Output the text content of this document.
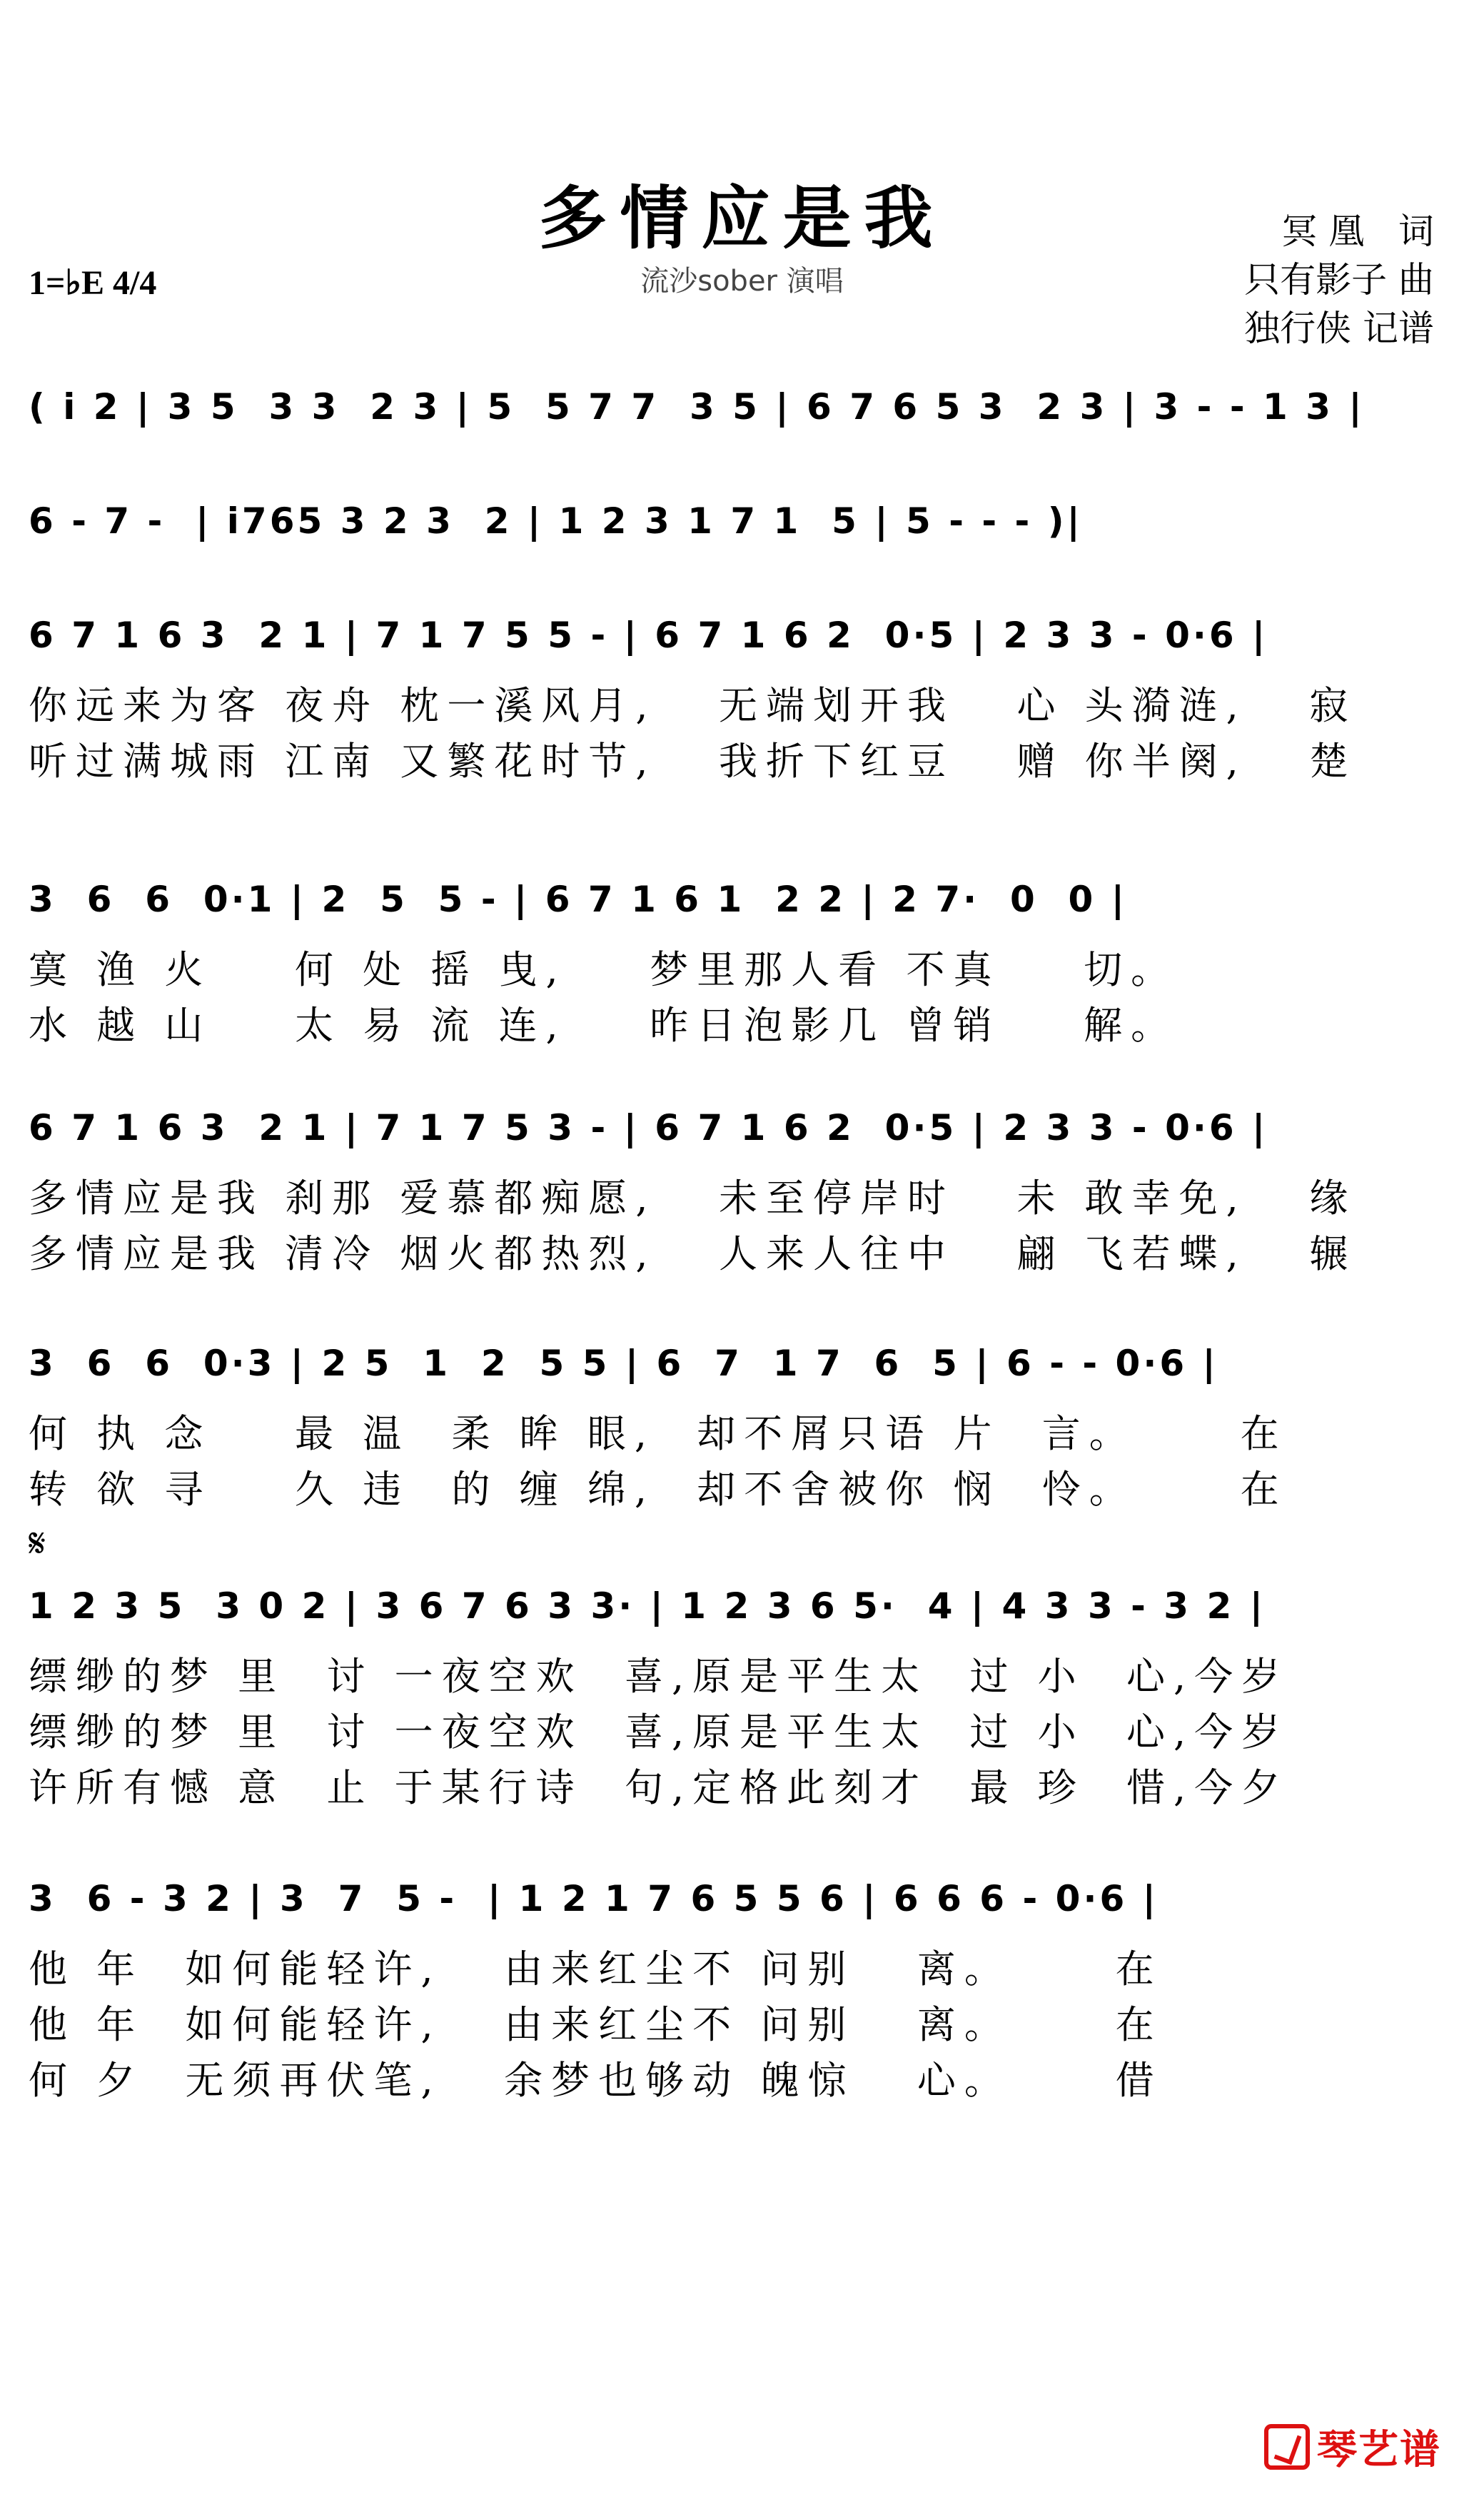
多情应是我
流沙sober 演唱
1=♭E 4/4
冥 凰   词
只有影子 曲
独行侠 记谱
( i 2 | 3 5  3 3  2 3 | 5  5 7 7  3 5 | 6 7 6 5 3  2 3 | 3 - - 1 3 |
6 - 7 -  | i765 3 2 3  2 | 1 2 3 1 7 1  5 | 5 - - - )|
6 7 1 6 3  2 1 | 7 1 7 5 5 - | 6 7 1 6 2  0·5 | 2 3 3 - 0·6 |
你远来为客 夜舟 枕一溪风月,   无端划开我   心 头漪涟,   寂
听过满城雨 江南 又繁花时节,   我折下红豆   赠 你半阕,   楚
3  6  6  0·1 | 2  5  5 - | 6 7 1 6 1  2 2 | 2 7·  0  0 |
寞 渔 火    何 处 摇 曳,    梦里那人看 不真    切。
水 越 山    太 易 流 连,    昨日泡影几 曾销    解。
6 7 1 6 3  2 1 | 7 1 7 5 3 - | 6 7 1 6 2  0·5 | 2 3 3 - 0·6 |
多情应是我 刹那 爱慕都痴愿,   未至停岸时   未 敢幸免,   缘
多情应是我 清冷 烟火都热烈,   人来人往中   翩 飞若蝶,   辗
3  6  6  0·3 | 2 5  1  2  5 5 | 6  7  1 7  6  5 | 6 - - 0·6 |
何 执 念    最 温  柔 眸 眼,  却不屑只语 片  言。     在
转 欲 寻    久 违  的 缠 绵,  却不舍被你 悯  怜。     在
𝄋
1 2 3 5  3 0 2 | 3 6 7 6 3 3· | 1 2 3 6 5·  4 | 4 3 3 - 3 2 |
缥缈的梦 里  讨 一夜空欢  喜,原是平生太  过 小  心,今岁
缥缈的梦 里  讨 一夜空欢  喜,原是平生太  过 小  心,今岁
许所有憾 意  止 于某行诗  句,定格此刻才  最 珍  惜,今夕
3  6 - 3 2 | 3  7  5 -  | 1 2 1 7 6 5 5 6 | 6 6 6 - 0·6 |
他 年  如何能轻许,   由来红尘不 问别   离。     在
他 年  如何能轻许,   由来红尘不 问别   离。     在
何 夕  无须再伏笔,   余梦也够动 魄惊   心。     借
琴艺谱
